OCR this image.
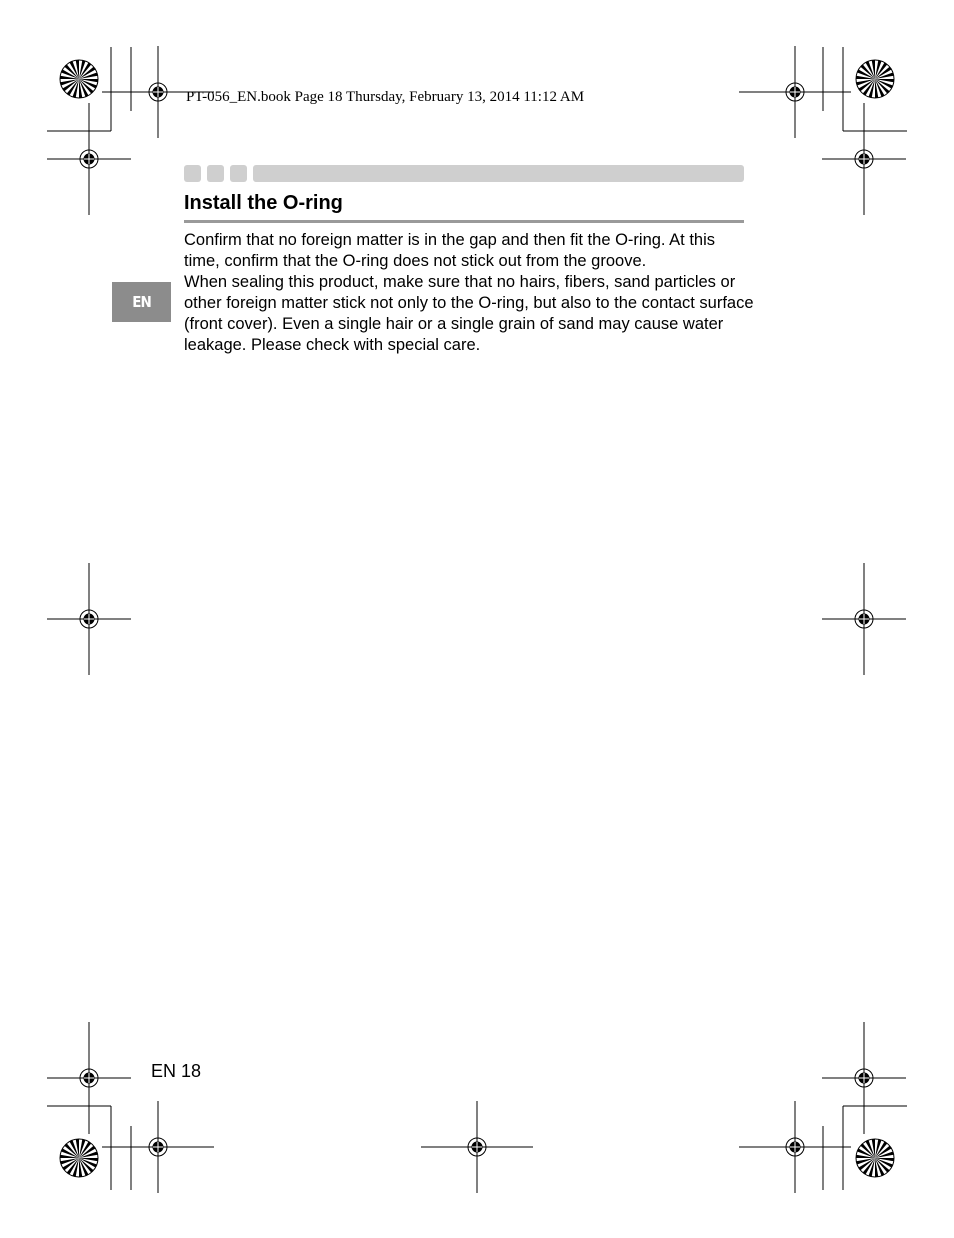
PT-056_EN.book Page 18 Thursday, February 13, 2014 11:12 AM
Install the O-ring

Confirm that no foreign matter is in the gap and then fit the O-ring. At this time, confirm that the O-ring does not stick out from the groove.

When sealing this product, make sure that no hairs, fibers, sand particles or other foreign matter stick not only to the O-ring, but also to the contact surface (front cover). Even a single hair or a single grain of sand may cause water leakage. Please check with special care.

EN
EN 18
